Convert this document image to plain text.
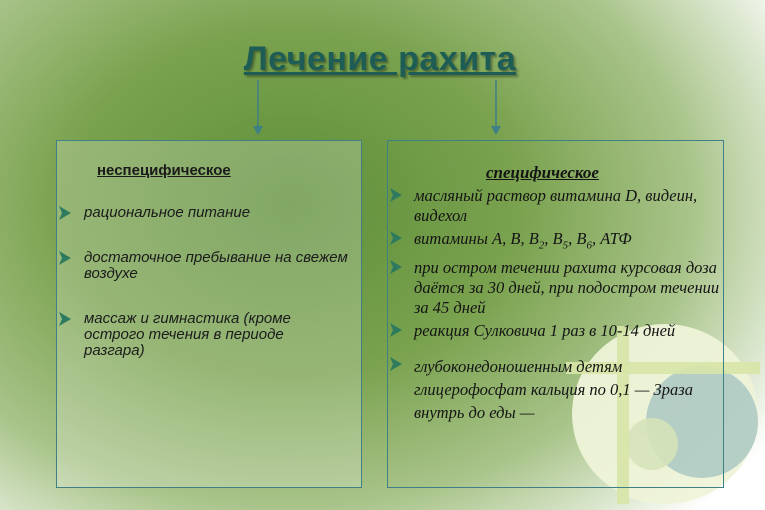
Лечение рахита
неспецифическое
рациональное питание
достаточное пребывание на свежем воздухе
массаж и гимнастика (кроме острого течения в периоде разгара)
специфическое
масляный раствор витамина D, видеин, видехол
витамины А, В, $В_2$, $В_5$, $В_6$, АТФ
при остром течении рахита курсовая доза даётся за 30 дней, при подостром течении за 45 дней
реакция Сулковича 1 раз в 10-14 дней
глубоконедоношенным детям глицерофосфат кальция по 0,1 — 3раза внутрь до еды —
